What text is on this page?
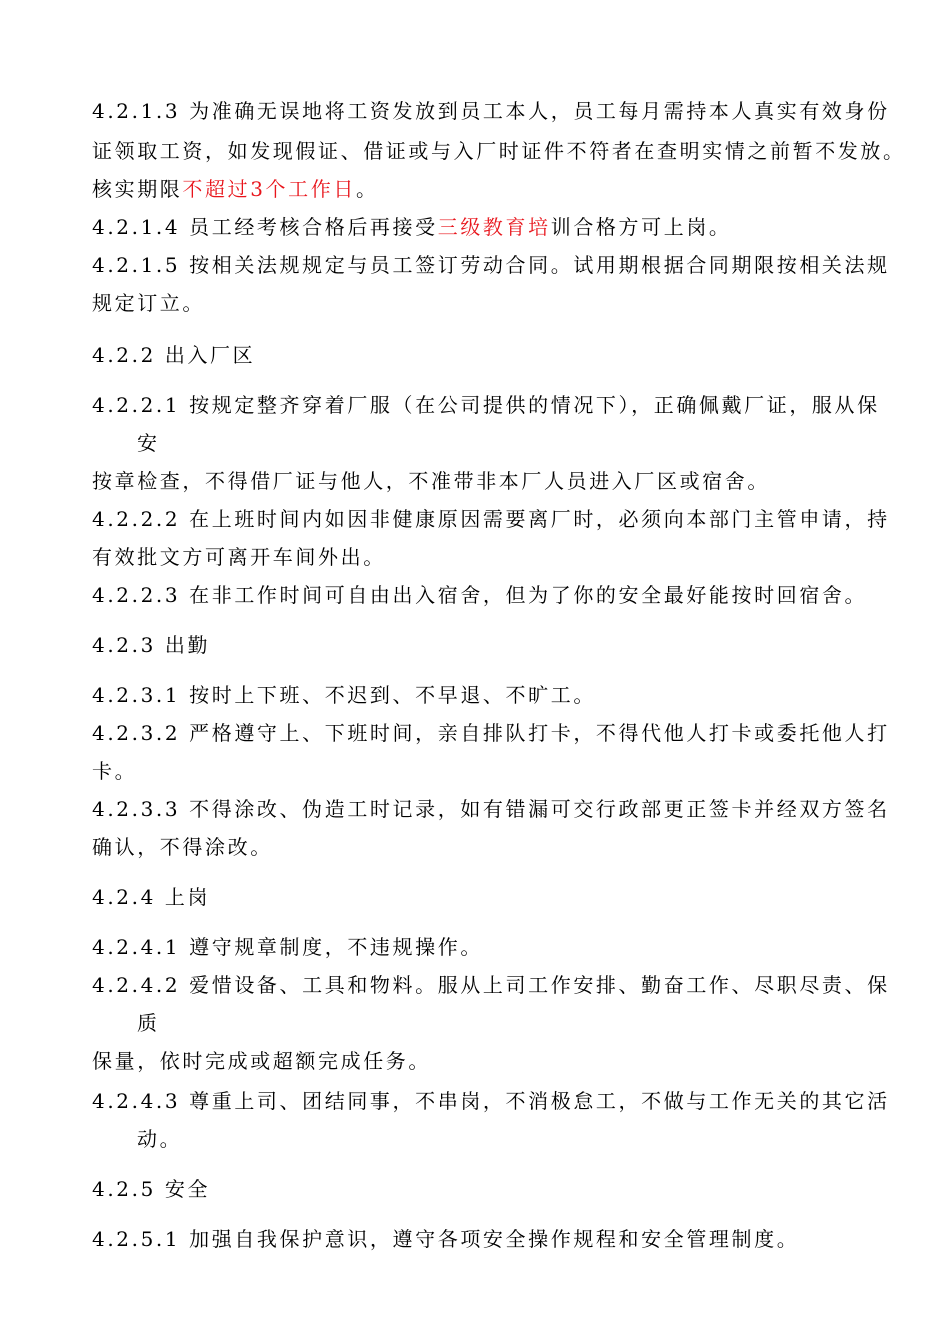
4.2.1.3 为准确无误地将工资发放到员工本人，员工每月需持本人真实有效身份
证领取工资，如发现假证、借证或与入厂时证件不符者在查明实情之前暂不发放。
核实期限不超过3个工作日。
4.2.1.4 员工经考核合格后再接受三级教育培训合格方可上岗。
4.2.1.5 按相关法规规定与员工签订劳动合同。试用期根据合同期限按相关法规
规定订立。
4.2.2 出入厂区
4.2.2.1 按规定整齐穿着厂服（在公司提供的情况下），正确佩戴厂证，服从保
安
按章检查，不得借厂证与他人，不准带非本厂人员进入厂区或宿舍。
4.2.2.2 在上班时间内如因非健康原因需要离厂时，必须向本部门主管申请，持
有效批文方可离开车间外出。
4.2.2.3 在非工作时间可自由出入宿舍，但为了你的安全最好能按时回宿舍。
4.2.3 出勤
4.2.3.1 按时上下班、不迟到、不早退、不旷工。
4.2.3.2 严格遵守上、下班时间，亲自排队打卡，不得代他人打卡或委托他人打
卡。
4.2.3.3 不得涂改、伪造工时记录，如有错漏可交行政部更正签卡并经双方签名
确认，不得涂改。
4.2.4 上岗
4.2.4.1 遵守规章制度，不违规操作。
4.2.4.2 爱惜设备、工具和物料。服从上司工作安排、勤奋工作、尽职尽责、保
质
保量，依时完成或超额完成任务。
4.2.4.3 尊重上司、团结同事，不串岗，不消极怠工，不做与工作无关的其它活
动。
4.2.5 安全
4.2.5.1 加强自我保护意识，遵守各项安全操作规程和安全管理制度。
